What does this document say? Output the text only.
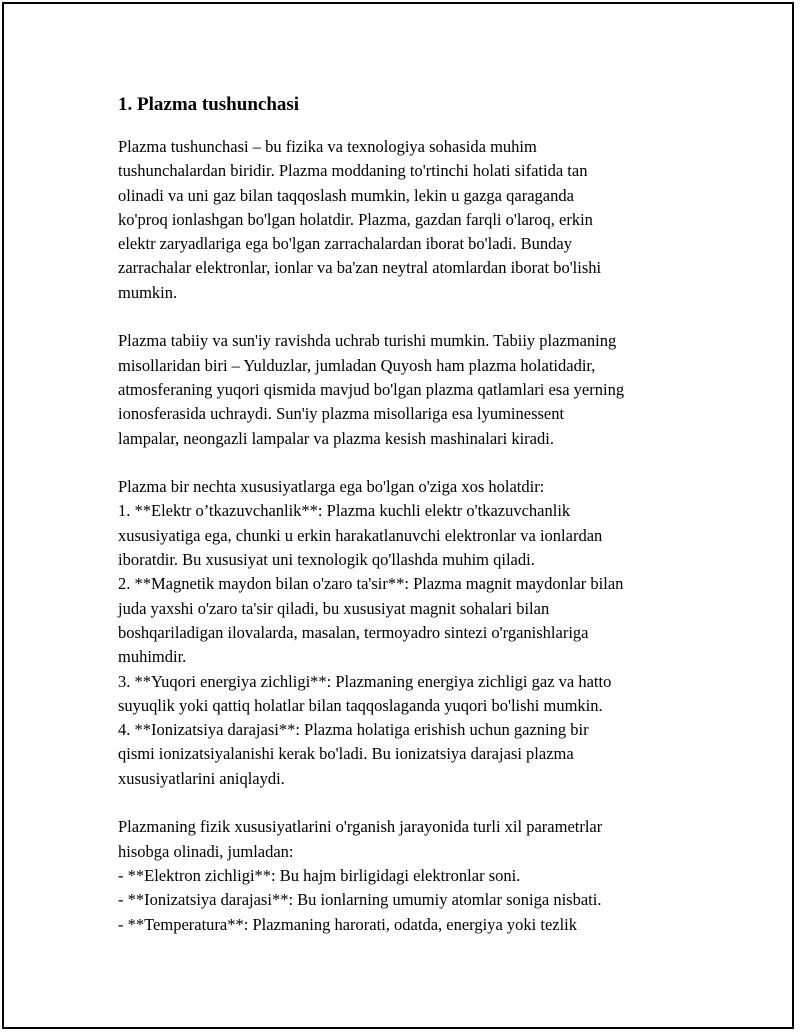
1. Plazma tushunchasi

Plazma tushunchasi – bu fizika va texnologiya sohasida muhim
tushunchalardan biridir. Plazma moddaning to'rtinchi holati sifatida tan
olinadi va uni gaz bilan taqqoslash mumkin, lekin u gazga qaraganda
ko'proq ionlashgan bo'lgan holatdir. Plazma, gazdan farqli o'laroq, erkin
elektr zaryadlariga ega bo'lgan zarrachalardan iborat bo'ladi. Bunday
zarrachalar elektronlar, ionlar va ba'zan neytral atomlardan iborat bo'lishi
mumkin.

Plazma tabiiy va sun'iy ravishda uchrab turishi mumkin. Tabiiy plazmaning
misollaridan biri – Yulduzlar, jumladan Quyosh ham plazma holatidadir,
atmosferaning yuqori qismida mavjud bo'lgan plazma qatlamlari esa yerning
ionosferasida uchraydi. Sun'iy plazma misollariga esa lyuminessent
lampalar, neongazli lampalar va plazma kesish mashinalari kiradi.

Plazma bir nechta xususiyatlarga ega bo'lgan o'ziga xos holatdir:
1. **Elektr o’tkazuvchanlik**: Plazma kuchli elektr o'tkazuvchanlik
xususiyatiga ega, chunki u erkin harakatlanuvchi elektronlar va ionlardan
iboratdir. Bu xususiyat uni texnologik qo'llashda muhim qiladi.
2. **Magnetik maydon bilan o'zaro ta'sir**: Plazma magnit maydonlar bilan
juda yaxshi o'zaro ta'sir qiladi, bu xususiyat magnit sohalari bilan
boshqariladigan ilovalarda, masalan, termoyadro sintezi o'rganishlariga
muhimdir.
3. **Yuqori energiya zichligi**: Plazmaning energiya zichligi gaz va hatto
suyuqlik yoki qattiq holatlar bilan taqqoslaganda yuqori bo'lishi mumkin.
4. **Ionizatsiya darajasi**: Plazma holatiga erishish uchun gazning bir
qismi ionizatsiyalanishi kerak bo'ladi. Bu ionizatsiya darajasi plazma
xususiyatlarini aniqlaydi.

Plazmaning fizik xususiyatlarini o'rganish jarayonida turli xil parametrlar
hisobga olinadi, jumladan:
- **Elektron zichligi**: Bu hajm birligidagi elektronlar soni.
- **Ionizatsiya darajasi**: Bu ionlarning umumiy atomlar soniga nisbati.
- **Temperatura**: Plazmaning harorati, odatda, energiya yoki tezlik
